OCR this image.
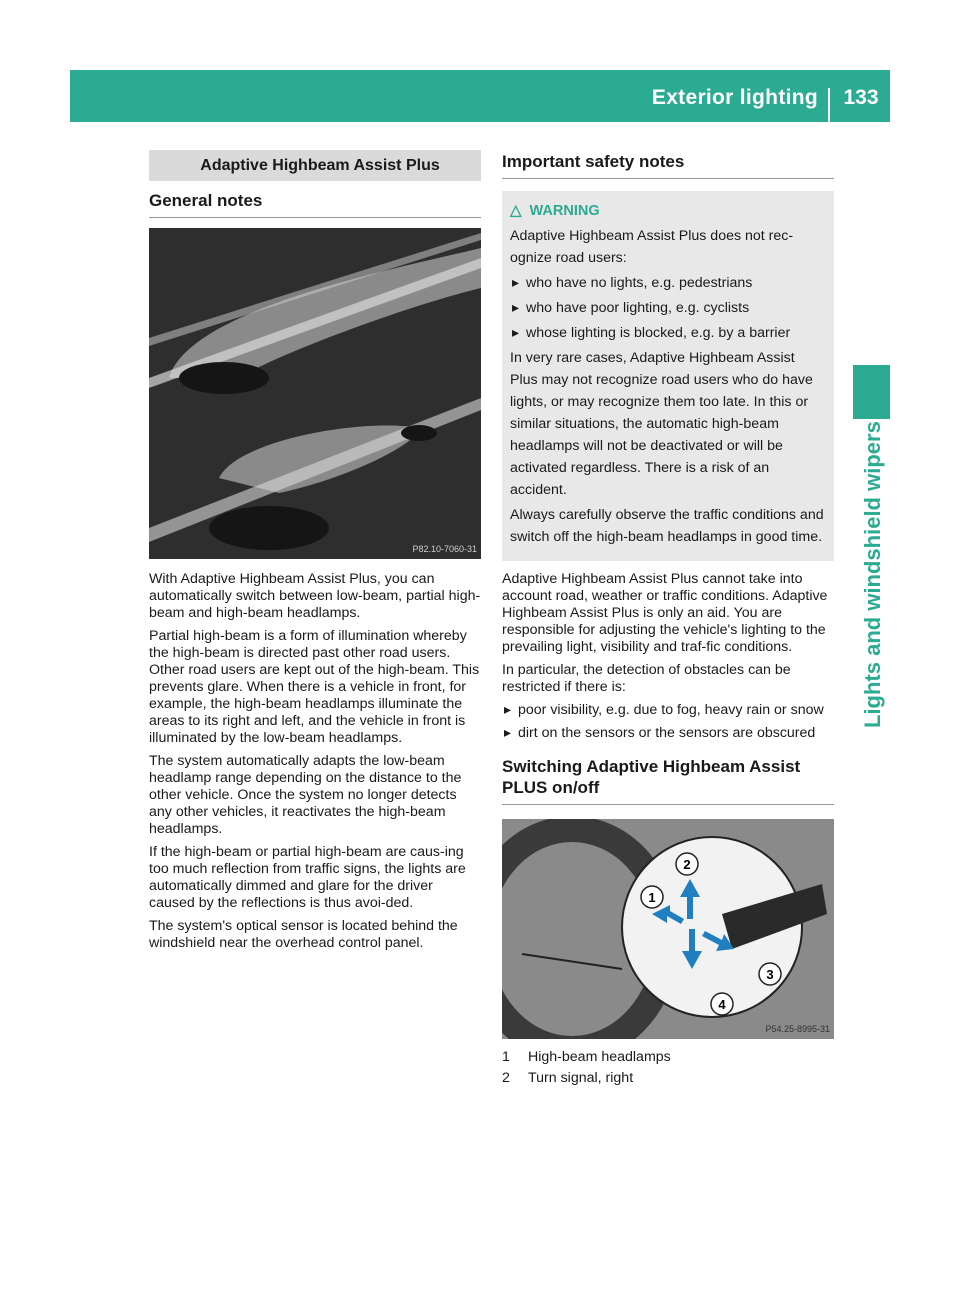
Exterior lighting	133
Lights and windshield wipers
Adaptive Highbeam Assist Plus
General notes
P82.10-7060-31

With Adaptive Highbeam Assist Plus, you can automatically switch between low-beam, partial high-beam and high-beam headlamps.

Partial high-beam is a form of illumination whereby the high-beam is directed past other road users. Other road users are kept out of the high-beam. This prevents glare. When there is a vehicle in front, for example, the high-beam headlamps illuminate the areas to its right and left, and the vehicle in front is illuminated by the low-beam headlamps.

The system automatically adapts the low-beam headlamp range depending on the distance to the other vehicle. Once the system no longer detects any other vehicles, it reactivates the high-beam headlamps.

If the high-beam or partial high-beam are caus-ing too much reflection from traffic signs, the lights are automatically dimmed and glare for the driver caused by the reflections is thus avoi-ded.

The system's optical sensor is located behind the windshield near the overhead control panel.

Important safety notes
△ WARNING

Adaptive Highbeam Assist Plus does not rec-ognize road users:

▸ who have no lights, e.g. pedestrians

▸ who have poor lighting, e.g. cyclists

▸ whose lighting is blocked, e.g. by a barrier

In very rare cases, Adaptive Highbeam Assist Plus may not recognize road users who do have lights, or may recognize them too late. In this or similar situations, the automatic high-beam headlamps will not be deactivated or will be activated regardless. There is a risk of an accident.

Always carefully observe the traffic conditions and switch off the high-beam headlamps in good time.

Adaptive Highbeam Assist Plus cannot take into account road, weather or traffic conditions. Adaptive Highbeam Assist Plus is only an aid. You are responsible for adjusting the vehicle's lighting to the prevailing light, visibility and traf-fic conditions.

In particular, the detection of obstacles can be restricted if there is:

▸ poor visibility, e.g. due to fog, heavy rain or snow

▸ dirt on the sensors or the sensors are obscured

Switching Adaptive Highbeam Assist PLUS on/off
1
2
3
4
P54.25-8995-31
1	High-beam headlamps
2	Turn signal, right
